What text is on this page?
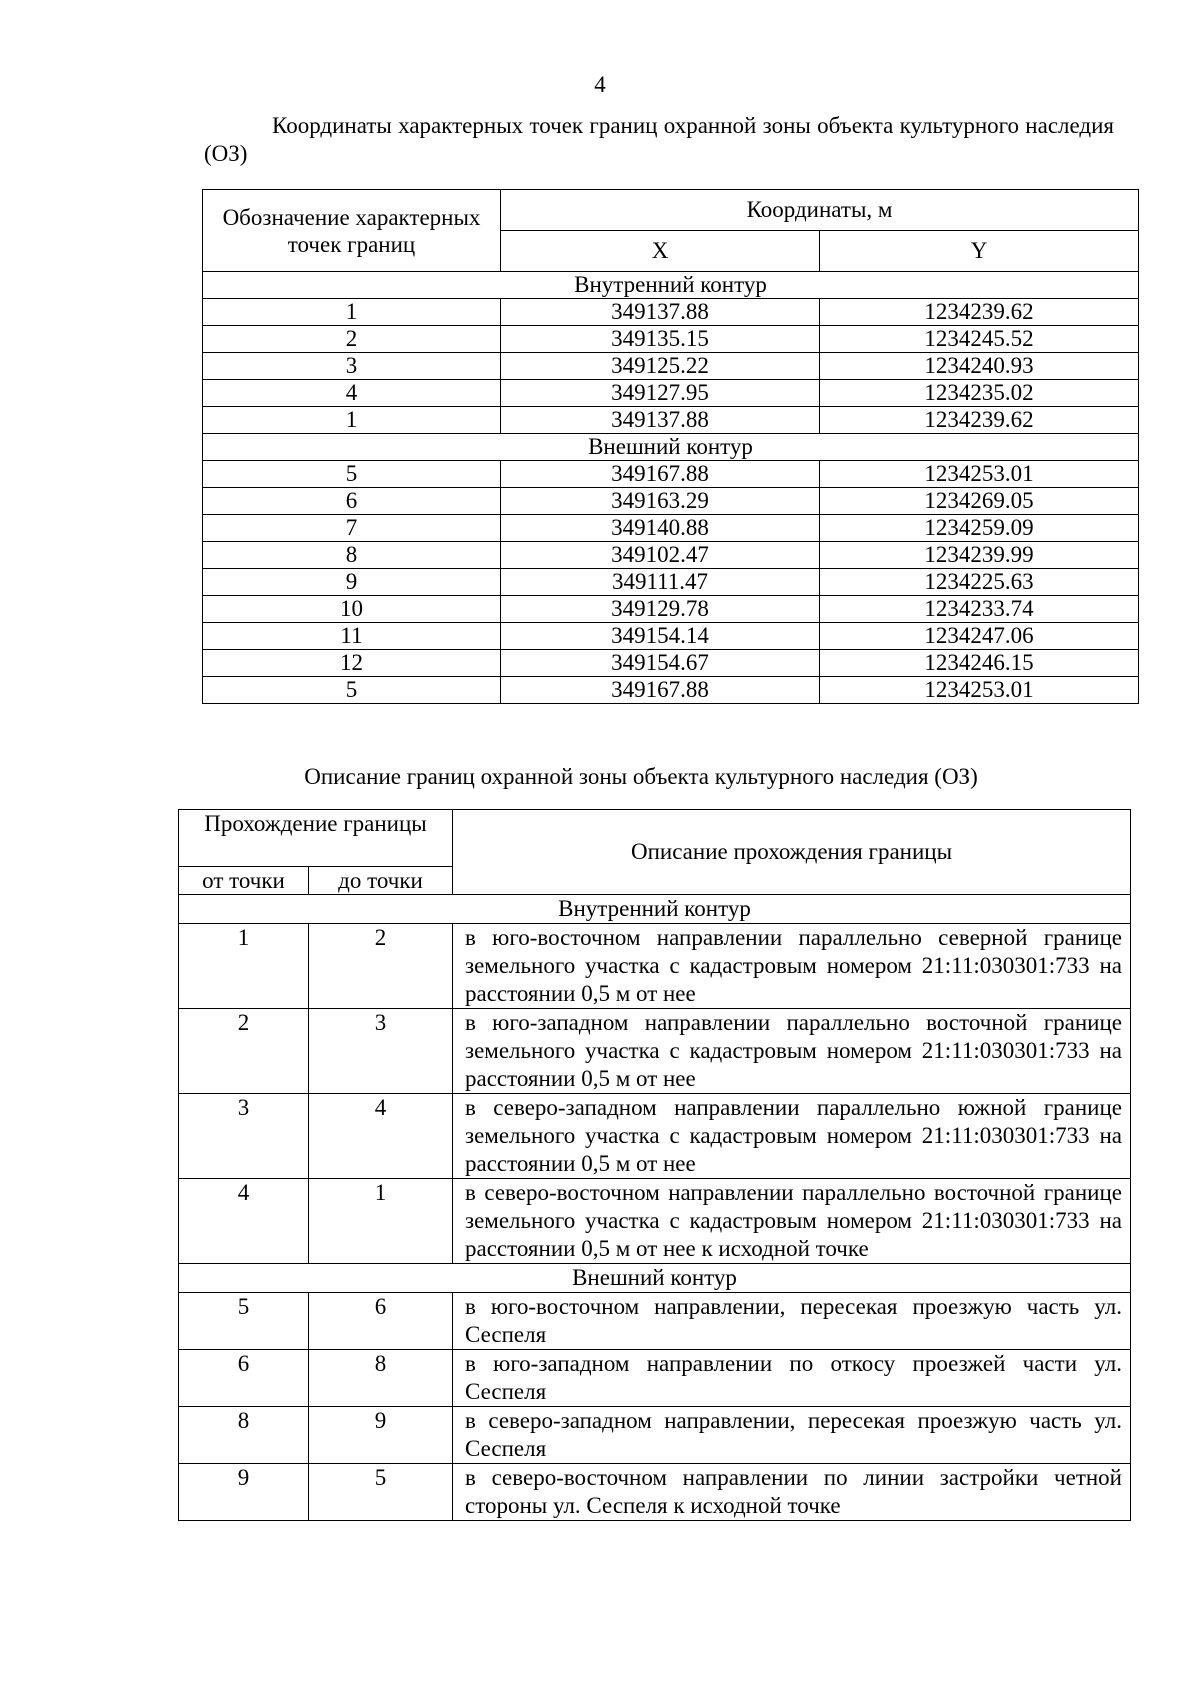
4
Координаты характерных точек границ охранной зоны объекта культурного наследия (ОЗ)
Обозначение характерных точек границ	Координаты, м	
	X	Y
Внутренний контур		
1	349137.88	1234239.62
2	349135.15	1234245.52
3	349125.22	1234240.93
4	349127.95	1234235.02
1	349137.88	1234239.62
Внешний контур		
5	349167.88	1234253.01
6	349163.29	1234269.05
7	349140.88	1234259.09
8	349102.47	1234239.99
9	349111.47	1234225.63
10	349129.78	1234233.74
11	349154.14	1234247.06
12	349154.67	1234246.15
5	349167.88	1234253.01
Описание границ охранной зоны объекта культурного наследия (ОЗ)
Прохождение границы		Описание прохождения границы
от точки	до точки	
Внутренний контур		
1	2	в юго-восточном направлении параллельно северной границе земельного участка с кадастровым номером 21:11:030301:733 на расстоянии 0,5 м от нее
2	3	в юго-западном направлении параллельно восточной границе земельного участка с кадастровым номером 21:11:030301:733 на расстоянии 0,5 м от нее
3	4	в северо-западном направлении параллельно южной границе земельного участка с кадастровым номером 21:11:030301:733 на расстоянии 0,5 м от нее
4	1	в северо-восточном направлении параллельно восточной границе земельного участка с кадастровым номером 21:11:030301:733 на расстоянии 0,5 м от нее к исходной точке
Внешний контур		
5	6	в юго-восточном направлении, пересекая проезжую часть ул. Сеспеля
6	8	в юго-западном направлении по откосу проезжей части ул. Сеспеля
8	9	в северо-западном направлении, пересекая проезжую часть ул. Сеспеля
9	5	в северо-восточном направлении по линии застройки четной стороны ул. Сеспеля к исходной точке
